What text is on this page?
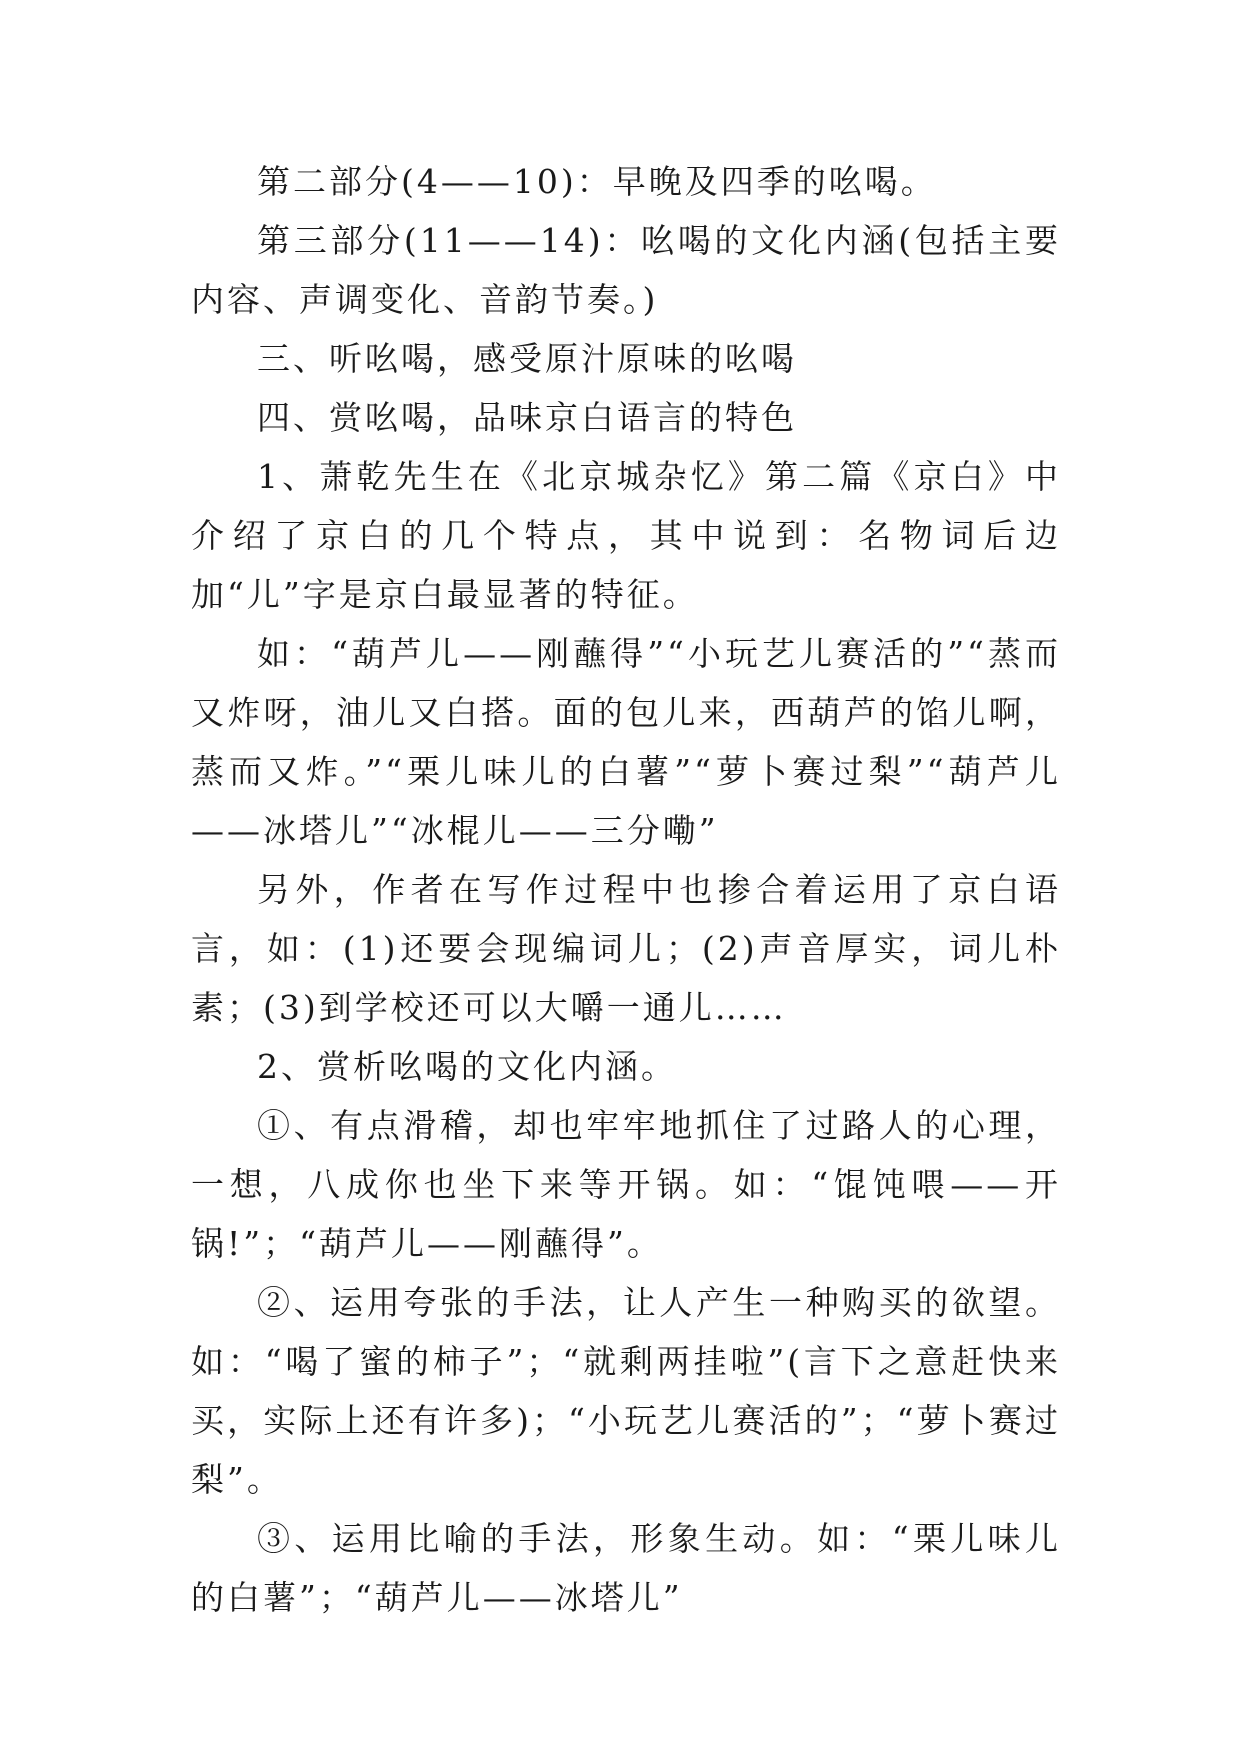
第二部分(4——10)：早晚及四季的吆喝。

第三部分(11——14)：吆喝的文化内涵(包括主要内容、声调变化、音韵节奏。)

三、听吆喝，感受原汁原味的吆喝

四、赏吆喝，品味京白语言的特色

1、萧乾先生在《北京城杂忆》第二篇《京白》中介绍了京白的几个特点，其中说到：名物词后边加“儿”字是京白最显著的特征。

如：“葫芦儿——刚蘸得”“小玩艺儿赛活的”“蒸而又炸呀，油儿又白搭。面的包儿来，西葫芦的馅儿啊，蒸而又炸。”“栗儿味儿的白薯”“萝卜赛过梨”“葫芦儿——冰塔儿”“冰棍儿——三分嘞”

另外，作者在写作过程中也掺合着运用了京白语言，如：(1)还要会现编词儿；(2)声音厚实，词儿朴素；(3)到学校还可以大嚼一通儿……

2、赏析吆喝的文化内涵。

①、有点滑稽，却也牢牢地抓住了过路人的心理，一想，八成你也坐下来等开锅。如：“馄饨喂——开锅!”；“葫芦儿——刚蘸得”。

②、运用夸张的手法，让人产生一种购买的欲望。如：“喝了蜜的柿子”；“就剩两挂啦”(言下之意赶快来买，实际上还有许多)；“小玩艺儿赛活的”；“萝卜赛过梨”。

③、运用比喻的手法，形象生动。如：“栗儿味儿的白薯”；“葫芦儿——冰塔儿”
